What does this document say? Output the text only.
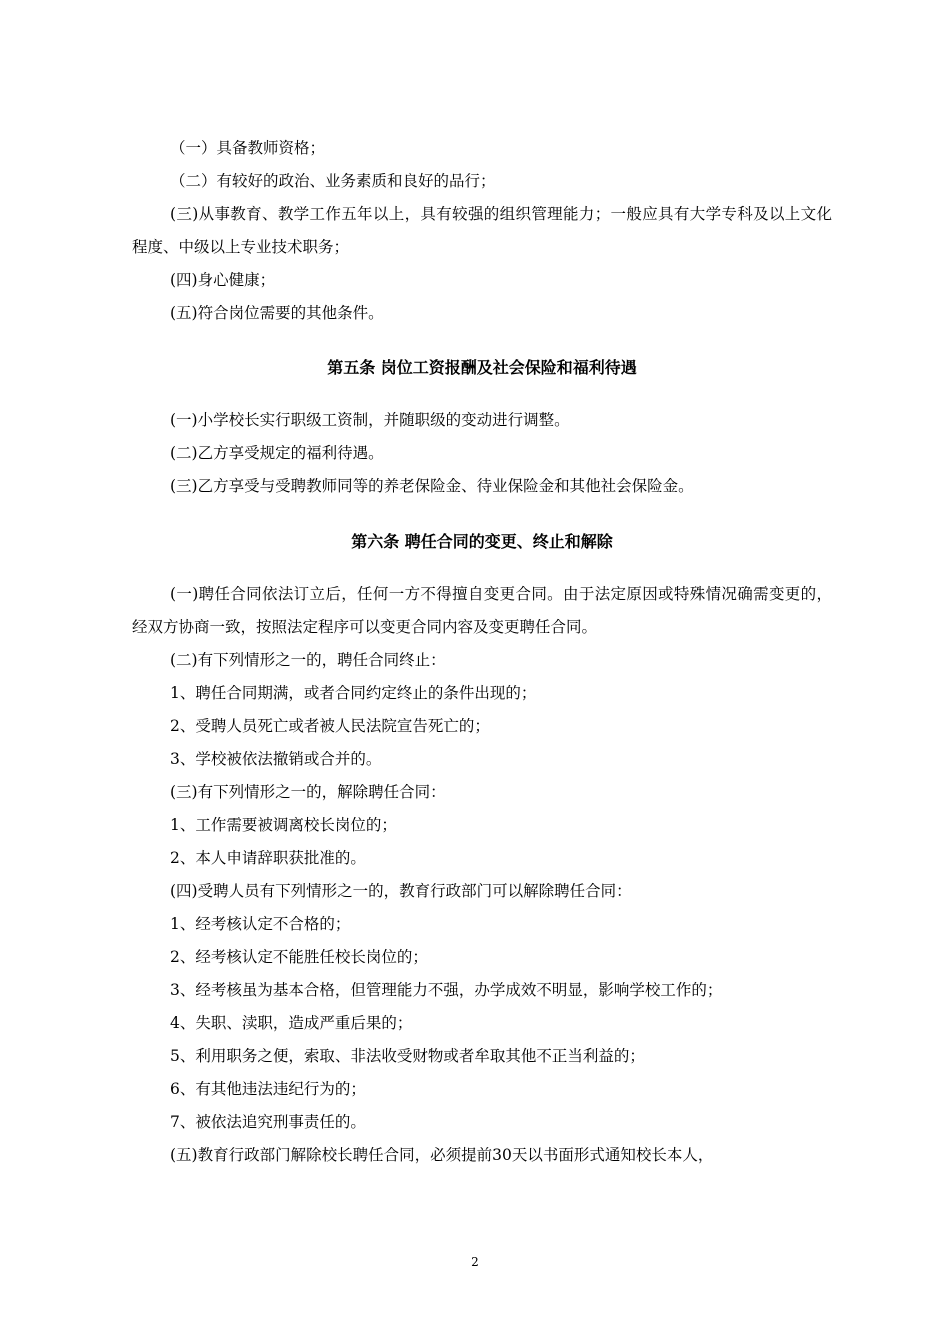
（一）具备教师资格；

（二）有较好的政治、业务素质和良好的品行；

(三)从事教育、教学工作五年以上，具有较强的组织管理能力；一般应具有大学专科及以上文化程度、中级以上专业技术职务；

(四)身心健康；

(五)符合岗位需要的其他条件。

第五条 岗位工资报酬及社会保险和福利待遇

(一)小学校长实行职级工资制，并随职级的变动进行调整。

(二)乙方享受规定的福利待遇。

(三)乙方享受与受聘教师同等的养老保险金、待业保险金和其他社会保险金。

第六条 聘任合同的变更、终止和解除

(一)聘任合同依法订立后，任何一方不得擅自变更合同。由于法定原因或特殊情况确需变更的，经双方协商一致，按照法定程序可以变更合同内容及变更聘任合同。

(二)有下列情形之一的，聘任合同终止：

1、聘任合同期满，或者合同约定终止的条件出现的；

2、受聘人员死亡或者被人民法院宣告死亡的；

3、学校被依法撤销或合并的。

(三)有下列情形之一的，解除聘任合同：

1、工作需要被调离校长岗位的；

2、本人申请辞职获批准的。

(四)受聘人员有下列情形之一的，教育行政部门可以解除聘任合同：

1、经考核认定不合格的；

2、经考核认定不能胜任校长岗位的；

3、经考核虽为基本合格，但管理能力不强，办学成效不明显，影响学校工作的；

4、失职、渎职，造成严重后果的；

5、利用职务之便，索取、非法收受财物或者牟取其他不正当利益的；

6、有其他违法违纪行为的；

7、被依法追究刑事责任的。

(五)教育行政部门解除校长聘任合同，必须提前30天以书面形式通知校长本人，

2
